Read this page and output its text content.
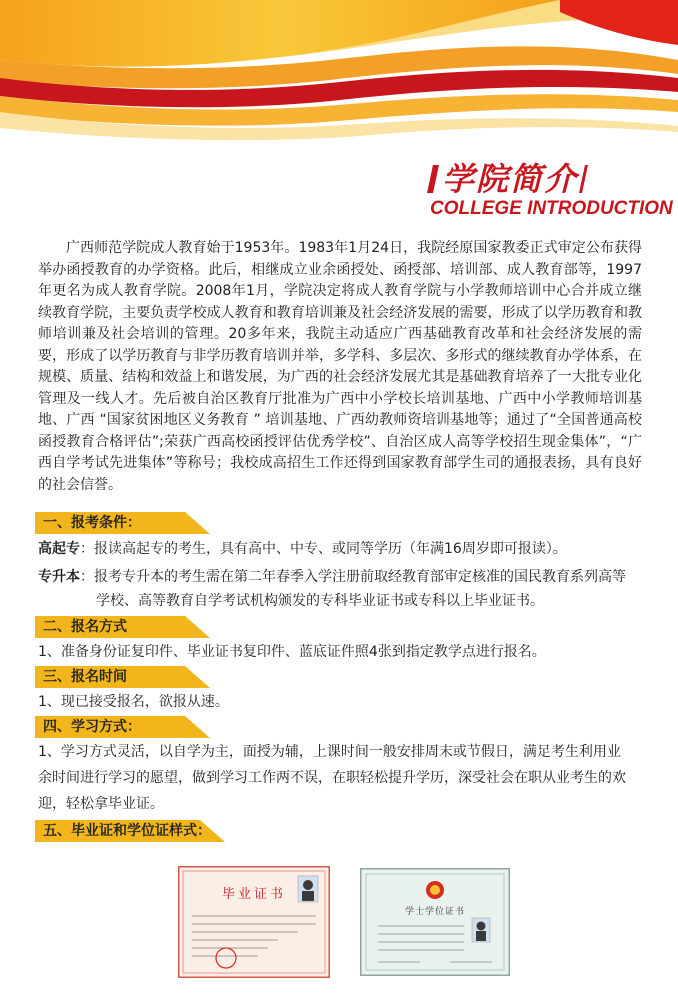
学院简介
COLLEGE INTRODUCTION

广西师范学院成人教育始于1953年。1983年1月24日，我院经原国家教委正式审定公布获得举办函授教育的办学资格。此后，相继成立业余函授处、函授部、培训部、成人教育部等，1997年更名为成人教育学院。2008年1月，学院决定将成人教育学院与小学教师培训中心合并成立继续教育学院，主要负责学校成人教育和教育培训兼及社会经济发展的需要，形成了以学历教育和教师培训兼及社会培训的管理。20多年来，我院主动适应广西基础教育改革和社会经济发展的需要，形成了以学历教育与非学历教育培训并举，多学科、多层次、多形式的继续教育办学体系，在规模、质量、结构和效益上和谐发展，为广西的社会经济发展尤其是基础教育培养了一大批专业化管理及一线人才。先后被自治区教育厅批准为广西中小学校长培训基地、广西中小学教师培训基地、广西 “国家贫困地区义务教育 ” 培训基地、广西幼教师资培训基地等；通过了“全国普通高校函授教育合格评估”;荣获广西高校函授评估优秀学校”、自治区成人高等学校招生现金集体”，“广西自学考试先进集体”等称号；我校成高招生工作还得到国家教育部学生司的通报表扬，具有良好的社会信誉。

一、报考条件：

高起专：报读高起专的考生，具有高中、中专、或同等学历（年满16周岁即可报读）。

专升本：报考专升本的考生需在第二年春季入学注册前取经教育部审定核准的国民教育系列高等

学校、高等教育自学考试机构颁发的专科毕业证书或专科以上毕业证书。

二、报名方式

1、准备身份证复印件、毕业证书复印件、蓝底证件照4张到指定教学点进行报名。

三、报名时间

1、现已接受报名，欲报从速。

四、学习方式：

1、学习方式灵活，以自学为主，面授为辅，上课时间一般安排周末或节假日，满足考生利用业

余时间进行学习的愿望，做到学习工作两不误，在职轻松提升学历，深受社会在职从业考生的欢

迎，轻松拿毕业证。

五、毕业证和学位证样式：
毕业证书
学士学位证书
